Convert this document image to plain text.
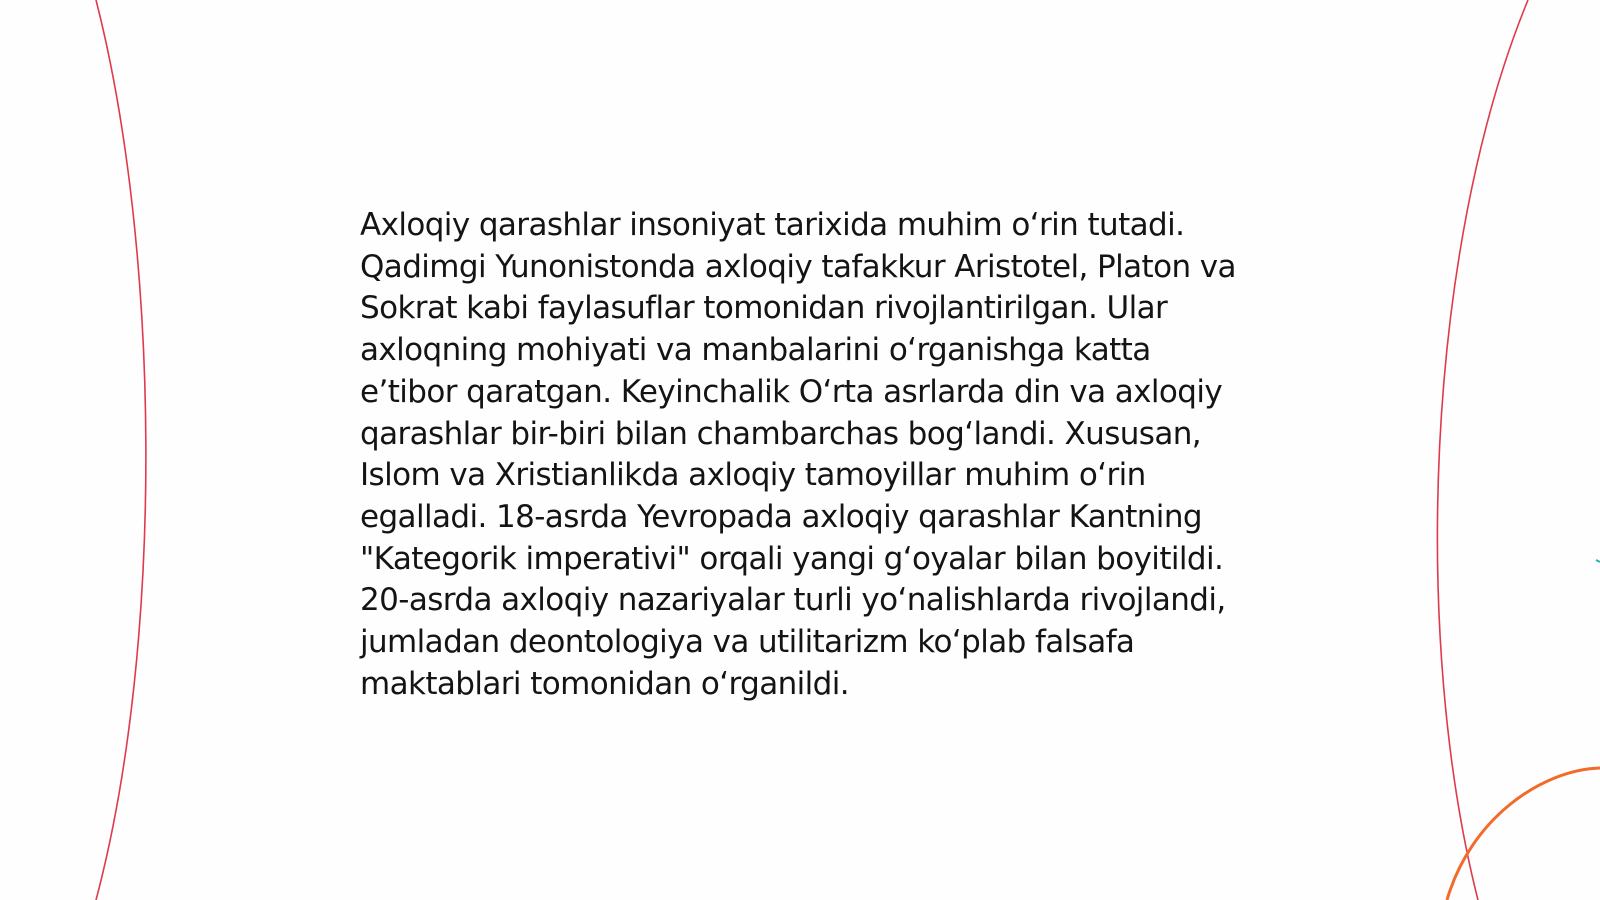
Axloqiy qarashlar insoniyat tarixida muhim o‘rin tutadi. Qadimgi Yunonistonda axloqiy tafakkur Aristotel, Platon va Sokrat kabi faylasuflar tomonidan rivojlantirilgan. Ular axloqning mohiyati va manbalarini o‘rganishga katta e’tibor qaratgan. Keyinchalik O‘rta asrlarda din va axloqiy qarashlar bir-biri bilan chambarchas bog‘landi. Xususan, Islom va Xristianlikda axloqiy tamoyillar muhim o‘rin egalladi. 18-asrda Yevropada axloqiy qarashlar Kantning "Kategorik imperativi" orqali yangi g‘oyalar bilan boyitildi. 20-asrda axloqiy nazariyalar turli yo‘nalishlarda rivojlandi, jumladan deontologiya va utilitarizm ko‘plab falsafa maktablari tomonidan o‘rganildi.
